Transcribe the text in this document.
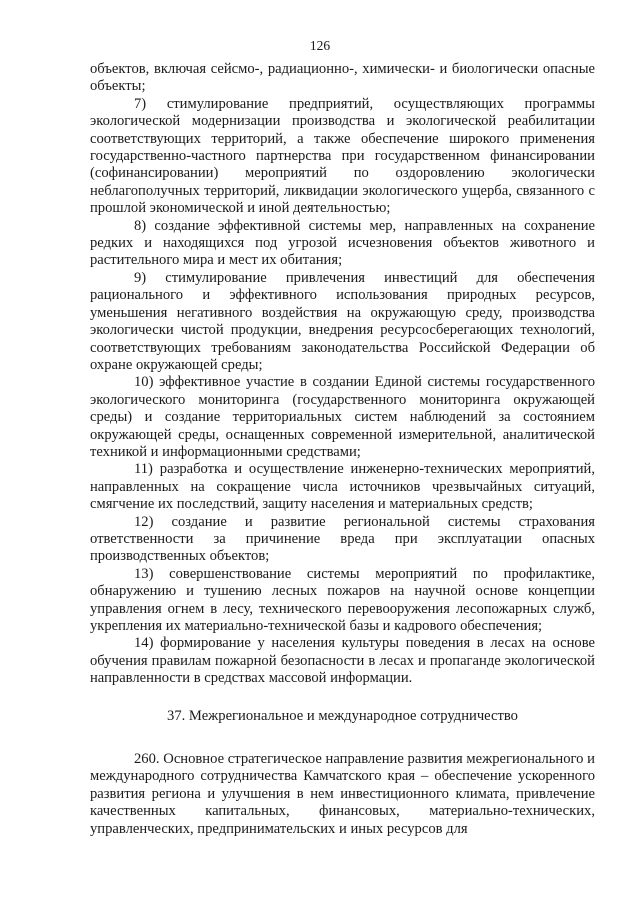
126

объектов, включая сейсмо-, радиационно-, химически- и биологически опасные объекты;

7) стимулирование предприятий, осуществляющих программы экологической модернизации производства и экологической реабилитации соответствующих территорий, а также обеспечение широкого применения государственно-частного партнерства при государственном финансировании (софинансировании) мероприятий по оздоровлению экологически неблагополучных территорий, ликвидации экологического ущерба, связанного с прошлой экономической и иной деятельностью;

8) создание эффективной системы мер, направленных на сохранение редких и находящихся под угрозой исчезновения объектов животного и растительного мира и мест их обитания;

9) стимулирование привлечения инвестиций для обеспечения рационального и эффективного использования природных ресурсов, уменьшения негативного воздействия на окружающую среду, производства экологически чистой продукции, внедрения ресурсосберегающих технологий, соответствующих требованиям законодательства Российской Федерации об охране окружающей среды;

10) эффективное участие в создании Единой системы государственного экологического мониторинга (государственного мониторинга окружающей среды) и создание территориальных систем наблюдений за состоянием окружающей среды, оснащенных современной измерительной, аналитической техникой и информационными средствами;

11) разработка и осуществление инженерно-технических мероприятий, направленных на сокращение числа источников чрезвычайных ситуаций, смягчение их последствий, защиту населения и материальных средств;

12) создание и развитие региональной системы страхования ответственности за причинение вреда при эксплуатации опасных производственных объектов;

13) совершенствование системы мероприятий по профилактике, обнаружению и тушению лесных пожаров на научной основе концепции управления огнем в лесу, технического перевооружения лесопожарных служб, укрепления их материально-технической базы и кадрового обеспечения;

14) формирование у населения культуры поведения в лесах на основе обучения правилам пожарной безопасности в лесах и пропаганде экологической направленности в средствах массовой информации.

37. Межрегиональное и международное сотрудничество

260. Основное стратегическое направление развития межрегионального и международного сотрудничества Камчатского края – обеспечение ускоренного развития региона и улучшения в нем инвестиционного климата, привлечение качественных капитальных, финансовых, материально-технических, управленческих, предпринимательских и иных ресурсов для
